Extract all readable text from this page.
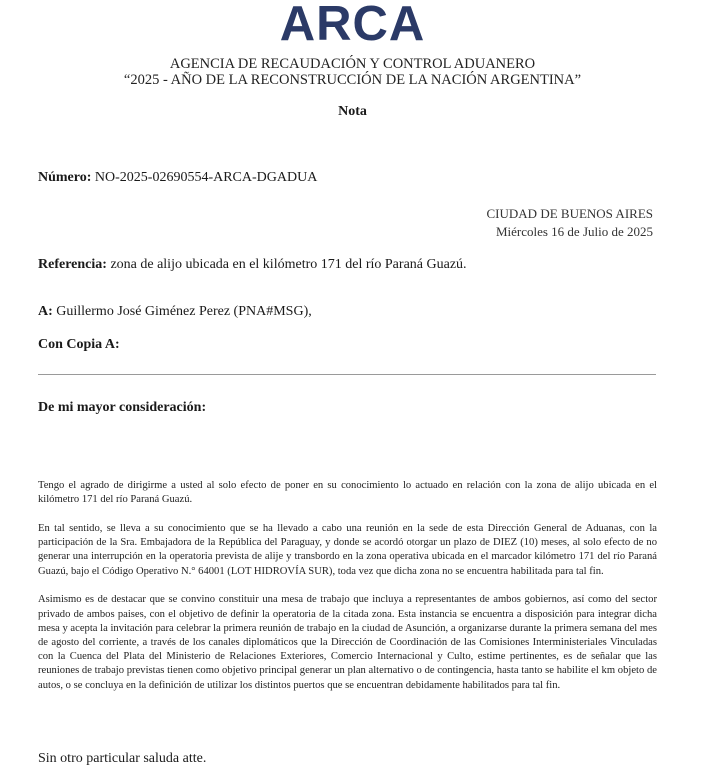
ARCA
AGENCIA DE RECAUDACIÓN Y CONTROL ADUANERO
“2025 - AÑO DE LA RECONSTRUCCIÓN DE LA NACIÓN ARGENTINA”
Nota
Número: NO-2025-02690554-ARCA-DGADUA
CIUDAD DE BUENOS AIRES
Miércoles 16 de Julio de 2025
Referencia: zona de alijo ubicada en el kilómetro 171 del río Paraná Guazú.
A: Guillermo José Giménez Perez (PNA#MSG),
Con Copia A:
De mi mayor consideración:

Tengo el agrado de dirigirme a usted al solo efecto de poner en su conocimiento lo actuado en relación con la zona de alijo ubicada en el kilómetro 171 del río Paraná Guazú.

En tal sentido, se lleva a su conocimiento que se ha llevado a cabo una reunión en la sede de esta Dirección General de Aduanas, con la participación de la Sra. Embajadora de la República del Paraguay, y donde se acordó otorgar un plazo de DIEZ (10) meses, al solo efecto de no generar una interrupción en la operatoria prevista de alije y transbordo en la zona operativa ubicada en el marcador kilómetro 171 del río Paraná Guazú, bajo el Código Operativo N.° 64001 (LOT HIDROVÍA SUR), toda vez que dicha zona no se encuentra habilitada para tal fin.

Asimismo es de destacar que se convino constituir una mesa de trabajo que incluya a representantes de ambos gobiernos, así como del sector privado de ambos paises, con el objetivo de definir la operatoria de la citada zona. Esta instancia se encuentra a disposición para integrar dicha mesa y acepta la invitación para celebrar la primera reunión de trabajo en la ciudad de Asunción, a organizarse durante la primera semana del mes de agosto del corriente, a través de los canales diplomáticos que la Dirección de Coordinación de las Comisiones Interministeriales Vinculadas con la Cuenca del Plata del Ministerio de Relaciones Exteriores, Comercio Internacional y Culto, estime pertinentes, es de señalar que las reuniones de trabajo previstas tienen como objetivo principal generar un plan alternativo o de contingencia, hasta tanto se habilite el km objeto de autos, o se concluya en la definición de utilizar los distintos puertos que se encuentran debidamente habilitados para tal fin.

Sin otro particular saluda atte.
